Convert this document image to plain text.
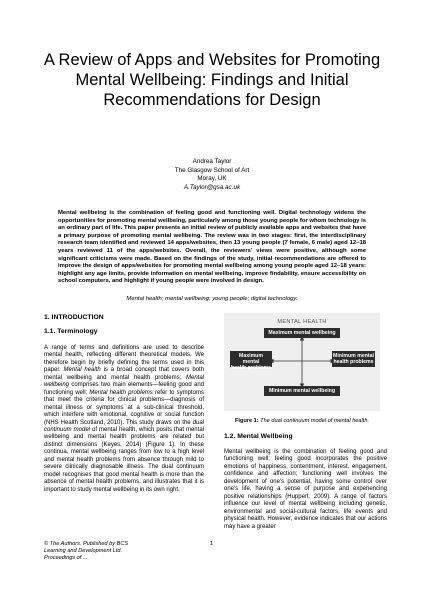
A Review of Apps and Websites for Promoting Mental Wellbeing: Findings and Initial Recommendations for Design
Andrea Taylor
The Glasgow School of Art
Moray, UK
A.Taylor@gsa.ac.uk
Mental wellbeing is the combination of feeling good and functioning well. Digital technology widens the opportunities for promoting mental wellbeing, particularly among those young people for whom technology is an ordinary part of life. This paper presents an initial review of publicly available apps and websites that have a primary purpose of promoting mental wellbeing. The review was in two stages: first, the interdisciplinary research team identified and reviewed 14 apps/websites, then 13 young people (7 female, 6 male) aged 12–18 years reviewed 11 of the apps/websites. Overall, the reviewers' views were positive, although some significant criticisms were made. Based on the findings of the study, initial recommendations are offered to improve the design of apps/websites for promoting mental wellbeing among young people aged 12–18 years: highlight any age limits, provide information on mental wellbeing, improve findability, ensure accessibility on school computers, and highlight if young people were involved in design.
Mental health; mental wellbeing; young people; digital technology.
1. INTRODUCTION
1.1. Terminology

A range of terms and definitions are used to describe mental health, reflecting different theoretical models. We therefore begin by briefly defining the terms used in this paper. Mental health is a broad concept that covers both mental wellbeing and mental health problems; Mental wellbeing comprises two main elements—feeling good and functioning well; Mental health problems refer to symptoms that meet the criteria for clinical problems—diagnosis of mental illness or symptoms at a sub-clinical threshold, which interfere with emotional, cognitive or social function (NHS Health Scotland, 2010). This study draws on the dual continuum model of mental health, which posits that mental wellbeing and mental health problems are related but distinct dimensions (Keyes, 2014) (Figure 1). In these continua, mental wellbeing ranges from low to a high level and mental health problems from absence through mild to severe clinically diagnosable illness. The dual continuum model recognises that good mental health is more than the absence of mental health problems, and illustrates that it is important to study mental wellbeing in its own right.

MENTAL HEALTH
Maximum mental wellbeing
Maximum mental
health problems
Minimum mental
health problems
Minimum mental wellbeing
Figure 1: The dual continuum model of mental health.
1.2. Mental Wellbeing

Mental wellbeing is the combination of feeling good and functioning well; feeling good incorporates the positive emotions of happiness, contentment, interest, engagement, confidence and affection; functioning well involves the development of one's potential, having some control over one's life, having a sense of purpose and experiencing positive relationships (Huppert, 2009). A range of factors influence our level of mental wellbeing including genetic, environmental and social-cultural factors, life events and physical health. However, evidence indicates that our actions may have a greater

© The Authors. Published by BCS
Learning and Development Ltd.
Proceedings of ...
1
